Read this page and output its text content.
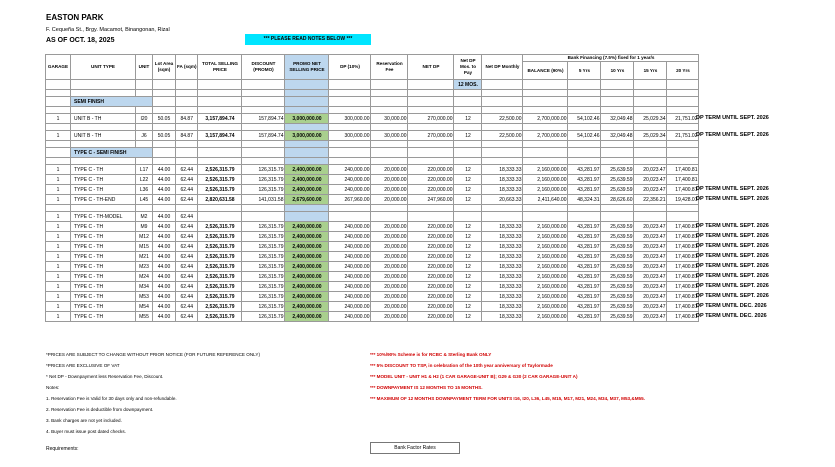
EASTON PARK
F. Cequeña St., Brgy. Macamot, Binangonan, Rizal
AS OF OCT. 18, 2025	*** PLEASE READ NOTES BELOW ***
GARAGE	UNIT TYPE	UNIT	Lot Area (sqm)	FA (sqm)	TOTAL SELLING PRICE	DISCOUNT (PROMO)	PROMO NET SELLING PRICE	DP (10%)	Reservation Fee	NET DP	Net DP Mos. to Pay	Net DP Monthly	Bank Financing (7.5%) fixed for 1 year/s				
													BALANCE (90%)	5 Yrs	10 Yrs	15 Yrs	20 Yrs
											12 MOS.						

	SEMI FINISH																

1	UNIT B - TH	I20	50.05	84.87	3,157,894.74	157,894.74	3,000,000.00	300,000.00	30,000.00	270,000.00	12	22,500.00	2,700,000.00	54,102.46	32,049.48	25,029.34	21,751.02

1	UNIT B - TH	J6	50.05	84.87	3,157,894.74	157,894.74	3,000,000.00	300,000.00	30,000.00	270,000.00	12	22,500.00	2,700,000.00	54,102.46	32,049.48	25,029.34	21,751.02

	TYPE C - SEMI FINISH																

1	TYPE C - TH	L17	44.00	62.44	2,526,315.79	126,315.79	2,400,000.00	240,000.00	20,000.00	220,000.00	12	18,333.33	2,160,000.00	43,281.97	25,639.59	20,023.47	17,400.81
1	TYPE C - TH	L22	44.00	62.44	2,526,315.79	126,315.79	2,400,000.00	240,000.00	20,000.00	220,000.00	12	18,333.33	2,160,000.00	43,281.97	25,639.59	20,023.47	17,400.81
1	TYPE C - TH	L36	44.00	62.44	2,526,315.79	126,315.79	2,400,000.00	240,000.00	20,000.00	220,000.00	12	18,333.33	2,160,000.00	43,281.97	25,639.59	20,023.47	17,400.81
1	TYPE C - TH-END	L45	44.00	62.44	2,820,631.58	141,031.58	2,679,600.00	267,960.00	20,000.00	247,960.00	12	20,663.33	2,411,640.00	48,324.31	28,626.60	22,356.21	19,428.01

1	TYPE C - TH-MODEL	M2	44.00	62.44													
1	TYPE C - TH	M9	44.00	62.44	2,526,315.79	126,315.79	2,400,000.00	240,000.00	20,000.00	220,000.00	12	18,333.33	2,160,000.00	43,281.97	25,639.59	20,023.47	17,400.81
1	TYPE C - TH	M12	44.00	62.44	2,526,315.79	126,315.79	2,400,000.00	240,000.00	20,000.00	220,000.00	12	18,333.33	2,160,000.00	43,281.97	25,639.59	20,023.47	17,400.81
1	TYPE C - TH	M15	44.00	62.44	2,526,315.79	126,315.79	2,400,000.00	240,000.00	20,000.00	220,000.00	12	18,333.33	2,160,000.00	43,281.97	25,639.59	20,023.47	17,400.81
1	TYPE C - TH	M21	44.00	62.44	2,526,315.79	126,315.79	2,400,000.00	240,000.00	20,000.00	220,000.00	12	18,333.33	2,160,000.00	43,281.97	25,639.59	20,023.47	17,400.81
1	TYPE C - TH	M23	44.00	62.44	2,526,315.79	126,315.79	2,400,000.00	240,000.00	20,000.00	220,000.00	12	18,333.33	2,160,000.00	43,281.97	25,639.59	20,023.47	17,400.81
1	TYPE C - TH	M24	44.00	62.44	2,526,315.79	126,315.79	2,400,000.00	240,000.00	20,000.00	220,000.00	12	18,333.33	2,160,000.00	43,281.97	25,639.59	20,023.47	17,400.81
1	TYPE C - TH	M34	44.00	62.44	2,526,315.79	126,315.79	2,400,000.00	240,000.00	20,000.00	220,000.00	12	18,333.33	2,160,000.00	43,281.97	25,639.59	20,023.47	17,400.81
1	TYPE C - TH	M53	44.00	62.44	2,526,315.79	126,315.79	2,400,000.00	240,000.00	20,000.00	220,000.00	12	18,333.33	2,160,000.00	43,281.97	25,639.59	20,023.47	17,400.81
1	TYPE C - TH	M54	44.00	62.44	2,526,315.79	126,315.79	2,400,000.00	240,000.00	20,000.00	220,000.00	12	18,333.33	2,160,000.00	43,281.97	25,639.59	20,023.47	17,400.81
1	TYPE C - TH	M55	44.00	62.44	2,526,315.79	126,315.79	2,400,000.00	240,000.00	20,000.00	220,000.00	12	18,333.33	2,160,000.00	43,281.97	25,639.59	20,023.47	17,400.81
DP TERM UNTIL SEPT. 2026
DP TERM UNTIL SEPT. 2026
DP TERM UNTIL SEPT. 2026
DP TERM UNTIL SEPT. 2026
DP TERM UNTIL SEPT. 2026
DP TERM UNTIL SEPT. 2026
DP TERM UNTIL SEPT. 2026
DP TERM UNTIL SEPT. 2026
DP TERM UNTIL SEPT. 2026
DP TERM UNTIL SEPT. 2026
DP TERM UNTIL SEPT. 2026
DP TERM UNTIL SEPT. 2026
DP TERM UNTIL DEC. 2026
DP TERM UNTIL DEC. 2026
*PRICES ARE SUBJECT TO CHANGE WITHOUT PRIOR NOTICE (FOR FUTURE REFERENCE ONLY)
*PRICES ARE EXCLUSIVE OF VAT
* Net DP - Downpayment less Reservation Fee, Discount.
Notes:
1. Reservation Fee is Valid for 30 days only and non-refundable.
2. Reservation Fee is deductible from downpayment.
3. Bank charges are not yet included.
4. Buyer must issue post dated checks.
*** 10%/90% Scheme is for RCBC & Sterling Bank ONLY
*** 5% DISCOUNT TO TSP, in celebration of the 10th year anniversary of Taylormade
*** MODEL UNIT - UNIT H1 & H2 (1 CAR GARAGE-UNIT B); G29 & G30 (2 CAR GARAGE-UNIT A)
*** DOWNPAYMENT IS 12 MONTHS TO 15 MONTHS.
*** MAXIMUM OF 12 MONTHS DOWNPAYMENT TERM FOR UNITS I16, I20, L36, L45, M15, M17, M21, M24, M34, M37, M53,&M55.
Requirements:	Bank Factor Rates
